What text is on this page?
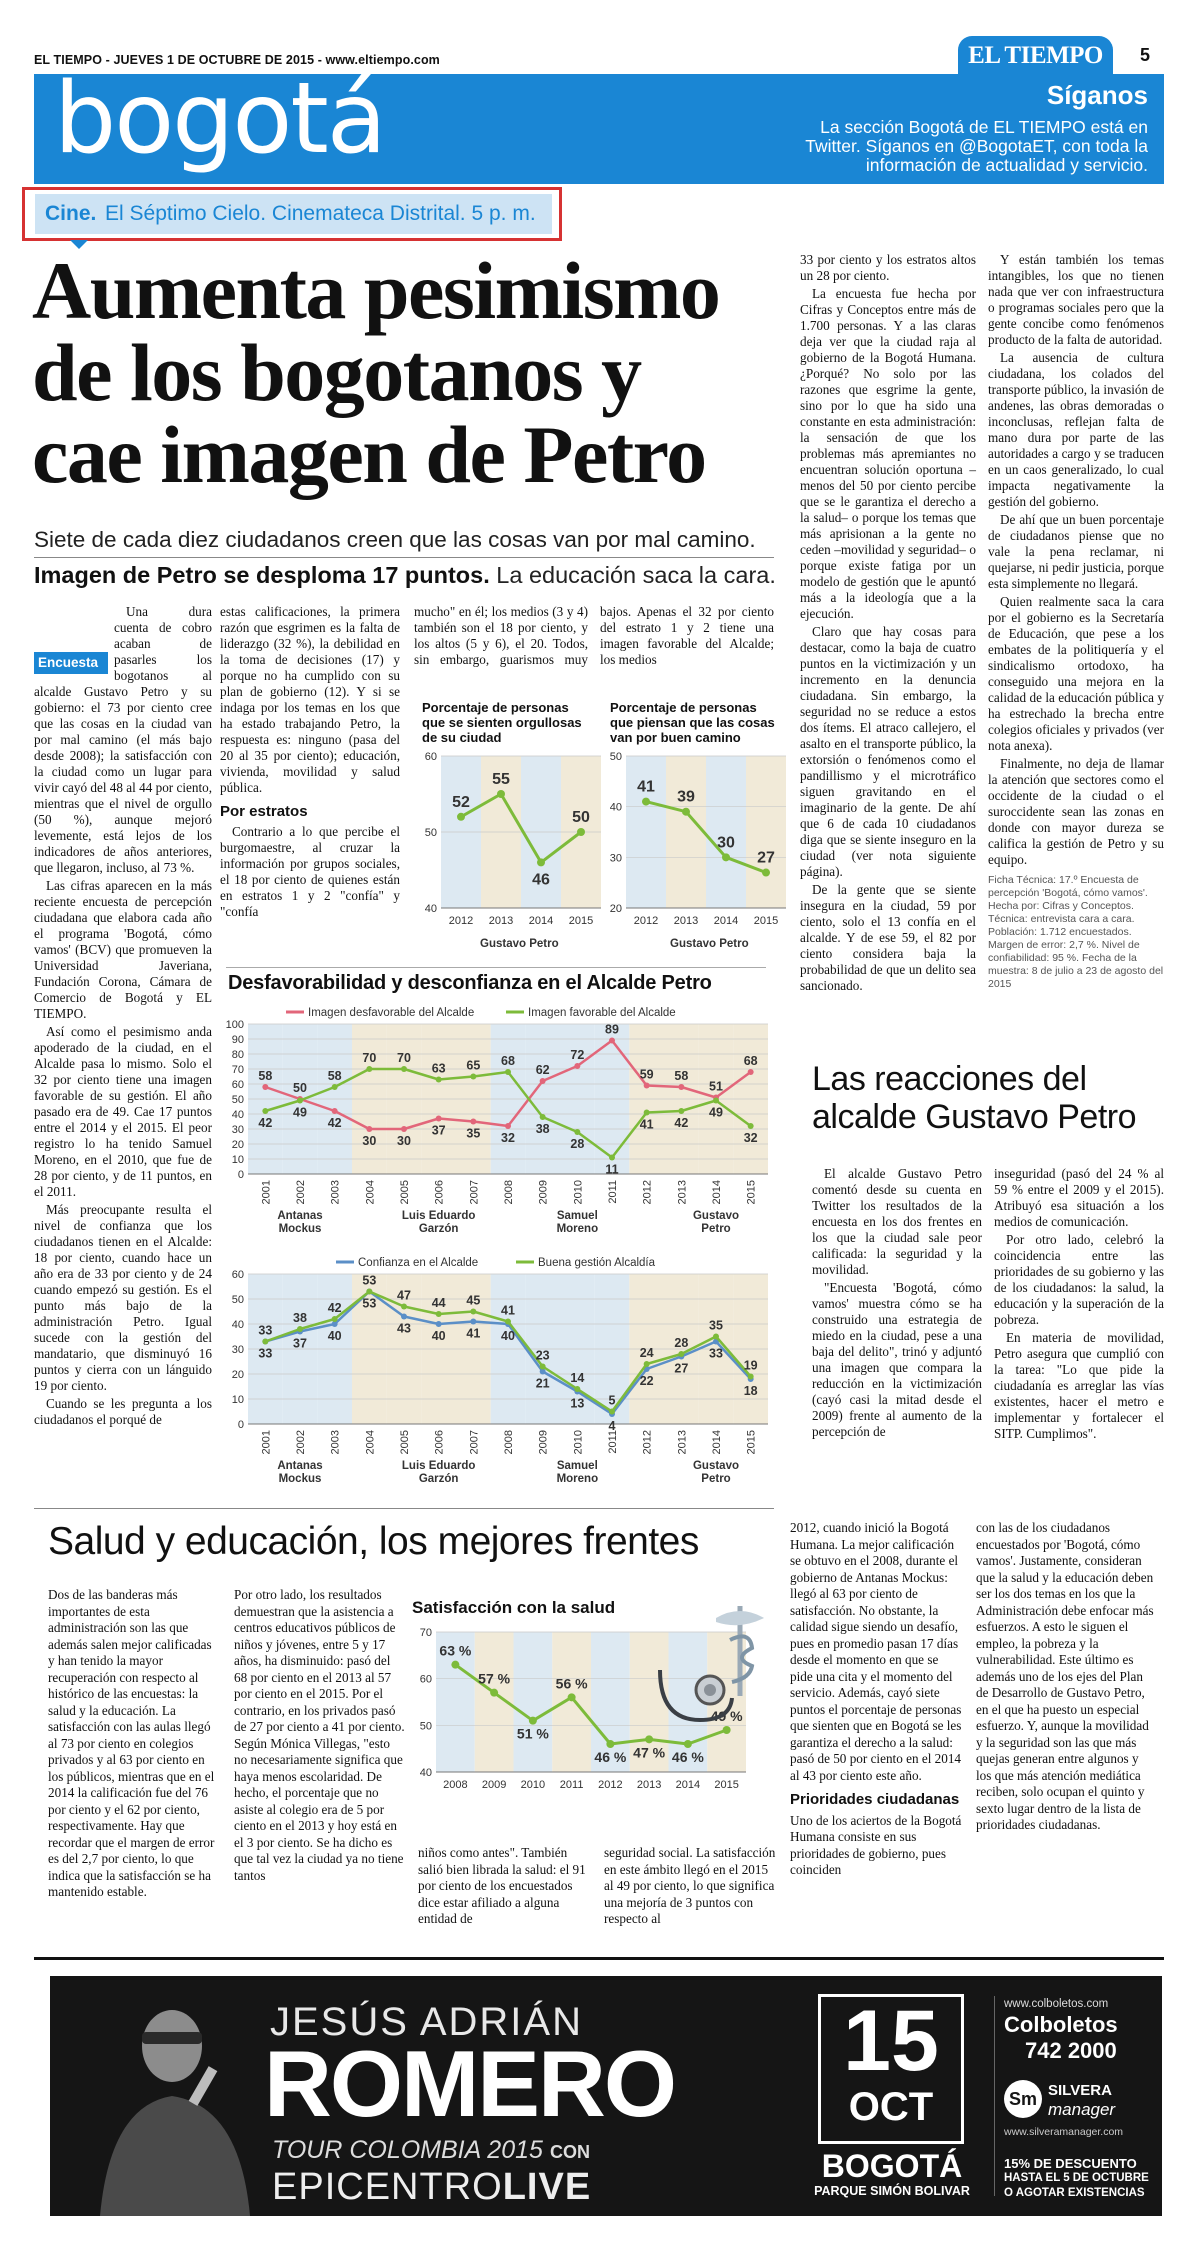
EL TIEMPO - JUEVES 1 DE OCTUBRE DE 2015 - www.eltiempo.com	EL TIEMPO	5
bogotá	Síganos
La sección Bogotá de EL TIEMPO está en
Twitter. Síganos en @BogotaET, con toda la
información de actualidad y servicio.
Cine. El Séptimo Cielo. Cinemateca Distrital. 5 p. m.
Aumenta pesimismo
de los bogotanos y
cae imagen de Petro
Siete de cada diez ciudadanos creen que las cosas van por mal camino.
Imagen de Petro se desploma 17 puntos. La educación saca la cara.
Encuesta

Una dura cuenta de cobro acaban de pasarles los bogotanos al alcalde Gustavo Petro y su gobierno: el 73 por ciento cree que las cosas en la ciudad van por mal camino (el más bajo desde 2008); la satisfacción con la ciudad como un lugar para vivir cayó del 48 al 44 por ciento, mientras que el nivel de orgullo (50 %), aunque mejoró levemente, está lejos de los indicadores de años anteriores, que llegaron, incluso, al 73 %.

Las cifras aparecen en la más reciente encuesta de percepción ciudadana que elabora cada año el programa 'Bogotá, cómo vamos' (BCV) que promueven la Universidad Javeriana, Fundación Corona, Cámara de Comercio de Bogotá y EL TIEMPO.

Así como el pesimismo anda apoderado de la ciudad, en el Alcalde pasa lo mismo. Solo el 32 por ciento tiene una imagen favorable de su gestión. El año pasado era de 49. Cae 17 puntos entre el 2014 y el 2015. El peor registro lo ha tenido Samuel Moreno, en el 2010, que fue de 28 por ciento, y de 11 puntos, en el 2011.

Más preocupante resulta el nivel de confianza que los ciudadanos tienen en el Alcalde: 18 por ciento, cuando hace un año era de 33 por ciento y de 24 cuando empezó su gestión. Es el punto más bajo de la administración Petro. Igual sucede con la gestión del mandatario, que disminuyó 16 puntos y cierra con un lánguido 19 por ciento.

Cuando se les pregunta a los ciudadanos el porqué de

estas calificaciones, la primera razón que esgrimen es la falta de liderazgo (32 %), la debilidad en la toma de decisiones (17) y porque no ha cumplido con su plan de gobierno (12). Y si se indaga por los temas en los que ha estado trabajando Petro, la respuesta es: ninguno (pasa del 20 al 35 por ciento); educación, vivienda, movilidad y salud pública.

Por estratos

Contrario a lo que percibe el burgomaestre, al cruzar la información por grupos sociales, el 18 por ciento de quienes están en estratos 1 y 2 "confía" y "confía

mucho" en él; los medios (3 y 4) también son el 18 por ciento, y los altos (5 y 6), el 20. Todos, sin embargo, guarismos muy bajos. Apenas el 32 por ciento del estrato 1 y 2 tiene una imagen favorable del Alcalde; los medios

33 por ciento y los estratos altos un 28 por ciento.

La encuesta fue hecha por Cifras y Conceptos entre más de 1.700 personas. Y a las claras deja ver que la ciudad raja al gobierno de la Bogotá Humana. ¿Porqué? No solo por las razones que esgrime la gente, sino por lo que ha sido una constante en esta administración: la sensación de que los problemas más apremiantes no encuentran solución oportuna –menos del 50 por ciento percibe que se le garantiza el derecho a la salud– o porque los temas que más aprisionan a la gente no ceden –movilidad y seguridad– o porque existe fatiga por un modelo de gestión que le apuntó más a la ideología que a la ejecución.

Claro que hay cosas para destacar, como la baja de cuatro puntos en la victimización y un incremento en la denuncia ciudadana. Sin embargo, la seguridad no se reduce a estos dos ítems. El atraco callejero, el asalto en el transporte público, la extorsión o fenómenos como el pandillismo y el microtráfico siguen gravitando en el imaginario de la gente. De ahí que 6 de cada 10 ciudadanos diga que se siente inseguro en la ciudad (ver nota siguiente página).

De la gente que se siente insegura en la ciudad, 59 por ciento, solo el 13 confía en el alcalde. Y de ese 59, el 82 por ciento considera baja la probabilidad de que un delito sea sancionado.

Y están también los temas intangibles, los que no tienen nada que ver con infraestructura o programas sociales pero que la gente concibe como fenómenos producto de la falta de autoridad.

La ausencia de cultura ciudadana, los colados del transporte público, la invasión de andenes, las obras demoradas o inconclusas, reflejan falta de mano dura por parte de las autoridades a cargo y se traducen en un caos generalizado, lo cual impacta negativamente la gestión del gobierno.

De ahí que un buen porcentaje de ciudadanos piense que no vale la pena reclamar, ni quejarse, ni pedir justicia, porque esta simplemente no llegará.

Quien realmente saca la cara por el gobierno es la Secretaría de Educación, que pese a los embates de la politiquería y el sindicalismo ortodoxo, ha conseguido una mejora en la calidad de la educación pública y ha estrechado la brecha entre colegios oficiales y privados (ver nota anexa).

Finalmente, no deja de llamar la atención que sectores como el occidente de la ciudad o el suroccidente sean las zonas en donde con mayor dureza se califica la gestión de Petro y su equipo.

Ficha Técnica: 17.º Encuesta de percepción 'Bogotá, cómo vamos'. Hecha por: Cifras y Conceptos. Técnica: entrevista cara a cara. Población: 1.712 encuestados. Margen de error: 2,7 %. Nivel de confiabilidad: 95 %. Fecha de la muestra: 8 de julio a 23 de agosto del 2015
Porcentaje de personas
que se sienten orgullosas
de su ciudad
40
50
60
2012 2013 2014 2015
52
55
46
50
Gustavo Petro
Porcentaje de personas
que piensan que las cosas
van por buen camino
20
30
40
50
2012 2013 2014 2015
41
39
30
27
Gustavo Petro
Desfavorabilidad y desconfianza en el Alcalde Petro
0
10
20
30
40
50
60
70
80
90
100
2001 2002 2003 2004 2005 2006 2007 2008 2009 2010 2011 2012 2013 2014 2015
58
50
42
30 30
37 35 32
62
72
89
59 58
51
68
42
49
58
70 70
63 65 68
38
28
11
41 42
49
32
Imagen desfavorable del Alcalde	Imagen favorable del Alcalde
0
10
20
30
40
50
60
2001 2002 2003 2004 2005 2006 2007 2008 2009 2010 2011 2012 2013 2014 2015
33
37
40
53
43
40 41 40
21
13
4
22
27
33
18
33
38
42
53
47
44 45
41
23
14
5
24
28
35
19
Confianza en el Alcalde	Buena gestión Alcaldía
Antanas
Mockus
Luis Eduardo
Garzón
Samuel
Moreno
Gustavo
Petro
Antanas
Mockus
Luis Eduardo
Garzón
Samuel
Moreno
Gustavo
Petro
Las reacciones del
alcalde Gustavo Petro

El alcalde Gustavo Petro comentó desde su cuenta en Twitter los resultados de la encuesta en los dos frentes en los que la ciudad sale peor calificada: la seguridad y la movilidad.

"Encuesta 'Bogotá, cómo vamos' muestra cómo se ha construido una estrategia de miedo en la ciudad, pese a una baja del delito", trinó y adjuntó una imagen que compara la reducción en la victimización (cayó casi la mitad desde el 2009) frente al aumento de la percepción de

inseguridad (pasó del 24 % al 59 % entre el 2009 y el 2015). Atribuyó esa situación a los medios de comunicación.

Por otro lado, celebró la coincidencia entre las prioridades de su gobierno y las de los ciudadanos: la salud, la educación y la superación de la pobreza.

En materia de movilidad, Petro asegura que cumplió con la tarea: "Lo que pide la ciudadanía es arreglar las vías existentes, hacer el metro e implementar y fortalecer el SITP. Cumplimos".

Salud y educación, los mejores frentes

Dos de las banderas más importantes de esta administración son las que además salen mejor calificadas y han tenido la mayor recuperación con respecto al histórico de las encuestas: la salud y la educación. La satisfacción con las aulas llegó al 73 por ciento en colegios privados y al 63 por ciento en los públicos, mientras que en el 2014 la calificación fue del 76 por ciento y el 62 por ciento, respectivamente. Hay que recordar que el margen de error es del 2,7 por ciento, lo que indica que la satisfacción se ha mantenido estable.

Por otro lado, los resultados demuestran que la asistencia a centros educativos públicos de niños y jóvenes, entre 5 y 17 años, ha disminuido: pasó del 68 por ciento en el 2013 al 57 por ciento en el 2015. Por el contrario, en los privados pasó de 27 por ciento a 41 por ciento. Según Mónica Villegas, "esto no necesariamente significa que haya menos escolaridad. De hecho, el porcentaje que no asiste al colegio era de 5 por ciento en el 2013 y hoy está en el 3 por ciento. Se ha dicho es que tal vez la ciudad ya no tiene tantos

Satisfacción con la salud
40
50
60
70
2008 2009 2010 2011 2012 2013 2014 2015
63 %
57 %
51 %
56 %
46 % 47 % 46 %
49 %

niños como antes". También salió bien librada la salud: el 91 por ciento de los encuestados dice estar afiliado a alguna entidad de

seguridad social. La satisfacción en este ámbito llegó en el 2015 al 49 por ciento, lo que significa una mejoría de 3 puntos con respecto al

2012, cuando inició la Bogotá Humana. La mejor calificación se obtuvo en el 2008, durante el gobierno de Antanas Mockus: llegó al 63 por ciento de satisfacción. No obstante, la calidad sigue siendo un desafío, pues en promedio pasan 17 días desde el momento en que se pide una cita y el momento del servicio. Además, cayó siete puntos el porcentaje de personas que sienten que en Bogotá se les garantiza el derecho a la salud: pasó de 50 por ciento en el 2014 al 43 por ciento este año.

Prioridades ciudadanas

Uno de los aciertos de la Bogotá Humana consiste en sus prioridades de gobierno, pues coinciden

con las de los ciudadanos encuestados por 'Bogotá, cómo vamos'. Justamente, consideran que la salud y la educación deben ser los dos temas en los que la Administración debe enfocar más esfuerzos. A esto le siguen el empleo, la pobreza y la vulnerabilidad. Este último es además uno de los ejes del Plan de Desarrollo de Gustavo Petro, en el que ha puesto un especial esfuerzo. Y, aunque la movilidad y la seguridad son las que más quejas generan entre algunos y los que más atención mediática reciben, solo ocupan el quinto y sexto lugar dentro de la lista de prioridades ciudadanas.

JESÚS ADRIÁN
ROMERO
TOUR COLOMBIA 2015 CON
EPICENTROLIVE
15
OCT
BOGOTÁ
PARQUE SIMÓN BOLIVAR
www.colboletos.com
Colboletos
742 2000
Sm SILVERA
manager
www.silveramanager.com
15% DE DESCUENTO
HASTA EL 5 DE OCTUBRE
O AGOTAR EXISTENCIAS
